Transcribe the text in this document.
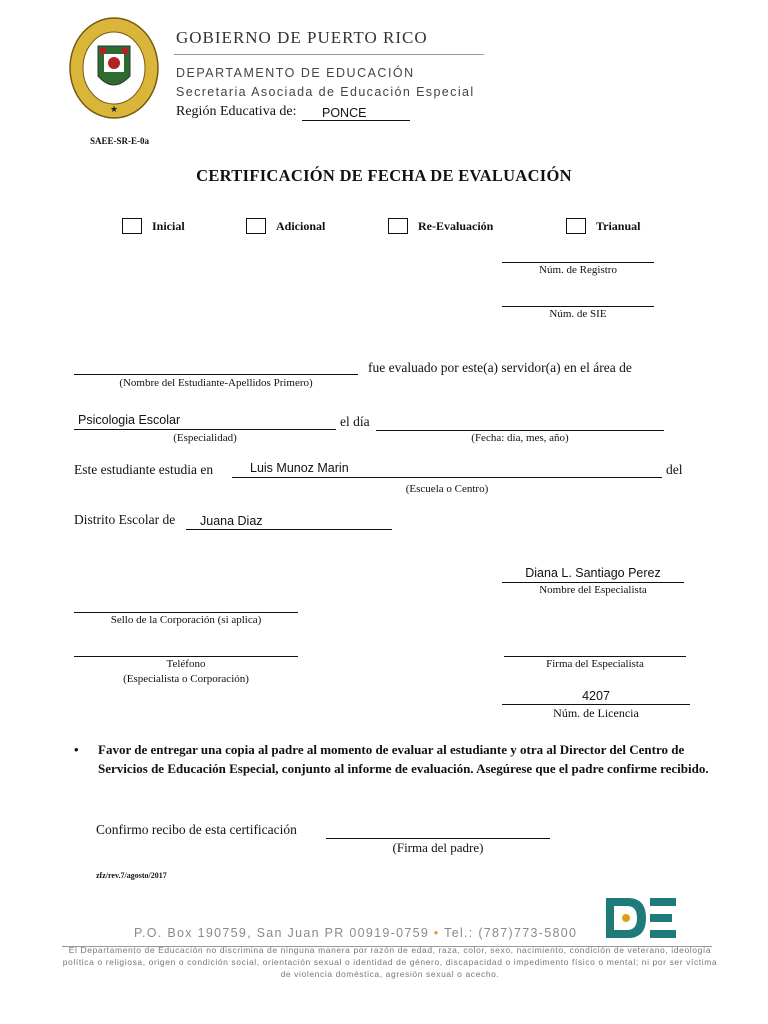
★
GOBIERNO DE PUERTO RICO
DEPARTAMENTO DE EDUCACIÓN
Secretaria Asociada de Educación Especial
Región Educativa de:	PONCE
SAEE-SR-E-0a
CERTIFICACIÓN DE FECHA DE EVALUACIÓN
Inicial	Adicional	Re-Evaluación	Trianual
Núm. de Registro
Núm. de SIE
fue evaluado por este(a) servidor(a) en el área de
(Nombre del Estudiante-Apellidos Primero)
Psicologia Escolar	el día
(Especialidad)	(Fecha: día, mes, año)
Este estudiante estudia en	Luis Munoz Marin	del
(Escuela o Centro)
Distrito Escolar de	Juana Diaz
Diana L. Santiago Perez
Nombre del Especialista
Sello de la Corporación (si aplica)
Teléfono
(Especialista o Corporación)
Firma del Especialista
4207
Núm. de Licencia
• Favor de entregar una copia al padre al momento de evaluar al estudiante y otra al Director del Centro de Servicios de Educación Especial, conjunto al informe de evaluación. Asegúrese que el padre confirme recibido.
Confirmo recibo de esta certificación
(Firma del padre)
zfz/rev.7/agosto/2017
P.O. Box 190759, San Juan PR 00919-0759 • Tel.: (787)773-5800
El Departamento de Educación no discrimina de ninguna manera por razón de edad, raza, color, sexo, nacimiento, condición de veterano, ideología política o religiosa, origen o condición social, orientación sexual o identidad de género, discapacidad o impedimento físico o mental; ni por ser víctima de violencia doméstica, agresión sexual o acecho.
